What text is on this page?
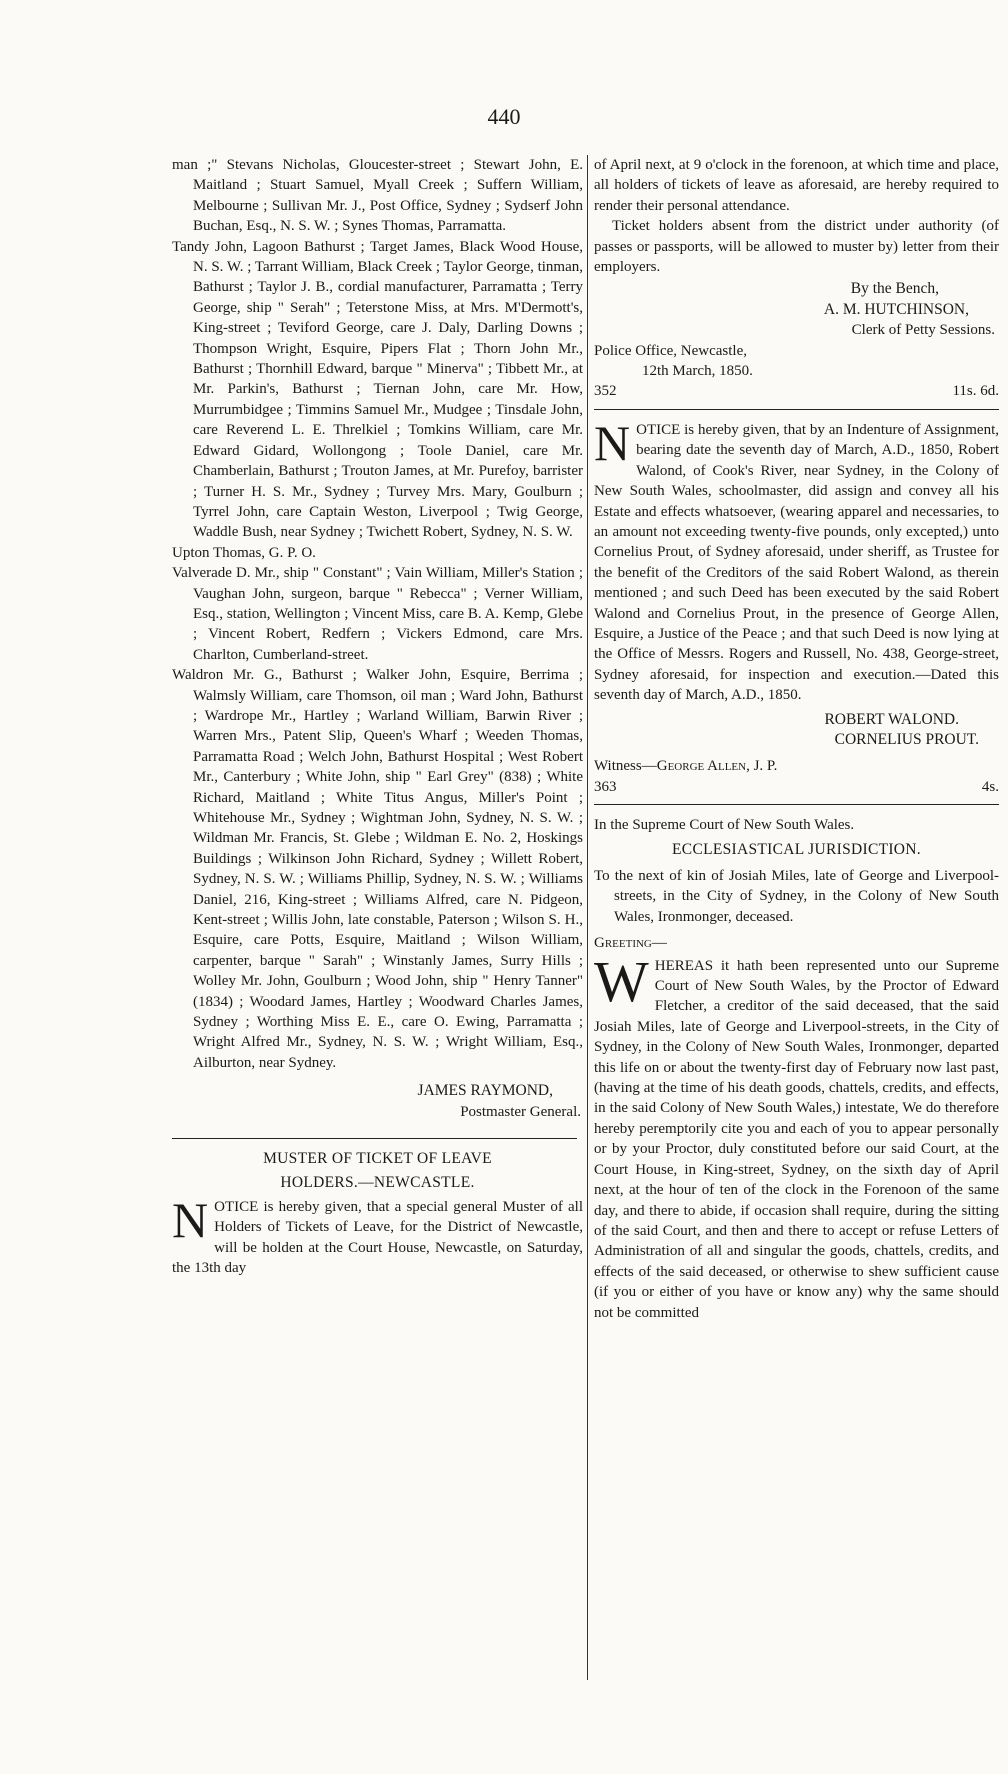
440

man ;" Stevans Nicholas, Gloucester-street ; Stewart John, E. Maitland ; Stuart Samuel, Myall Creek ; Suffern William, Melbourne ; Sullivan Mr. J., Post Office, Sydney ; Sydserf John Buchan, Esq., N. S. W. ; Synes Thomas, Parramatta.

Tandy John, Lagoon Bathurst ; Target James, Black Wood House, N. S. W. ; Tarrant William, Black Creek ; Taylor George, tinman, Bathurst ; Taylor J. B., cordial manufacturer, Parramatta ; Terry George, ship " Serah" ; Teterstone Miss, at Mrs. M'Dermott's, King-street ; Teviford George, care J. Daly, Darling Downs ; Thompson Wright, Esquire, Pipers Flat ; Thorn John Mr., Bathurst ; Thornhill Edward, barque " Minerva" ; Tibbett Mr., at Mr. Parkin's, Bathurst ; Tiernan John, care Mr. How, Murrumbidgee ; Timmins Samuel Mr., Mudgee ; Tinsdale John, care Reverend L. E. Threlkiel ; Tomkins William, care Mr. Edward Gidard, Wollongong ; Toole Daniel, care Mr. Chamberlain, Bathurst ; Trouton James, at Mr. Purefoy, barrister ; Turner H. S. Mr., Sydney ; Turvey Mrs. Mary, Goulburn ; Tyrrel John, care Captain Weston, Liverpool ; Twig George, Waddle Bush, near Sydney ; Twichett Robert, Sydney, N. S. W.

Upton Thomas, G. P. O.

Valverade D. Mr., ship " Constant" ; Vain William, Miller's Station ; Vaughan John, surgeon, barque " Rebecca" ; Verner William, Esq., station, Wellington ; Vincent Miss, care B. A. Kemp, Glebe ; Vincent Robert, Redfern ; Vickers Edmond, care Mrs. Charlton, Cumberland-street.

Waldron Mr. G., Bathurst ; Walker John, Esquire, Berrima ; Walmsly William, care Thomson, oil man ; Ward John, Bathurst ; Wardrope Mr., Hartley ; Warland William, Barwin River ; Warren Mrs., Patent Slip, Queen's Wharf ; Weeden Thomas, Parramatta Road ; Welch John, Bathurst Hospital ; West Robert Mr., Canterbury ; White John, ship " Earl Grey" (838) ; White Richard, Maitland ; White Titus Angus, Miller's Point ; Whitehouse Mr., Sydney ; Wightman John, Sydney, N. S. W. ; Wildman Mr. Francis, St. Glebe ; Wildman E. No. 2, Hoskings Buildings ; Wilkinson John Richard, Sydney ; Willett Robert, Sydney, N. S. W. ; Williams Phillip, Sydney, N. S. W. ; Williams Daniel, 216, King-street ; Williams Alfred, care N. Pidgeon, Kent-street ; Willis John, late constable, Paterson ; Wilson S. H., Esquire, care Potts, Esquire, Maitland ; Wilson William, carpenter, barque " Sarah" ; Winstanly James, Surry Hills ; Wolley Mr. John, Goulburn ; Wood John, ship " Henry Tanner" (1834) ; Woodard James, Hartley ; Woodward Charles James, Sydney ; Worthing Miss E. E., care O. Ewing, Parramatta ; Wright Alfred Mr., Sydney, N. S. W. ; Wright William, Esq., Ailburton, near Sydney.

JAMES RAYMOND,

Postmaster General.

MUSTER OF TICKET OF LEAVE

HOLDERS.—NEWCASTLE.

NOTICE is hereby given, that a special general Muster of all Holders of Tickets of Leave, for the District of Newcastle, will be holden at the Court House, Newcastle, on Saturday, the 13th day

of April next, at 9 o'clock in the forenoon, at which time and place, all holders of tickets of leave as aforesaid, are hereby required to render their personal attendance.

Ticket holders absent from the district under authority (of passes or passports, will be allowed to muster by) letter from their employers.

By the Bench,

A. M. HUTCHINSON,

Clerk of Petty Sessions.

Police Office, Newcastle,

12th March, 1850.

352	11s. 6d.

NOTICE is hereby given, that by an Indenture of Assignment, bearing date the seventh day of March, A.D., 1850, Robert Walond, of Cook's River, near Sydney, in the Colony of New South Wales, schoolmaster, did assign and convey all his Estate and effects whatsoever, (wearing apparel and necessaries, to an amount not exceeding twenty-five pounds, only excepted,) unto Cornelius Prout, of Sydney aforesaid, under sheriff, as Trustee for the benefit of the Creditors of the said Robert Walond, as therein mentioned ; and such Deed has been executed by the said Robert Walond and Cornelius Prout, in the presence of George Allen, Esquire, a Justice of the Peace ; and that such Deed is now lying at the Office of Messrs. Rogers and Russell, No. 438, George-street, Sydney aforesaid, for inspection and execution.—Dated this seventh day of March, A.D., 1850.

ROBERT WALOND.

CORNELIUS PROUT.

Witness—George Allen, J. P.

363	4s.

In the Supreme Court of New South Wales.

ECCLESIASTICAL JURISDICTION.

To the next of kin of Josiah Miles, late of George and Liverpool-streets, in the City of Sydney, in the Colony of New South Wales, Ironmonger, deceased.

Greeting—

WHEREAS it hath been represented unto our Supreme Court of New South Wales, by the Proctor of Edward Fletcher, a creditor of the said deceased, that the said Josiah Miles, late of George and Liverpool-streets, in the City of Sydney, in the Colony of New South Wales, Ironmonger, departed this life on or about the twenty-first day of February now last past, (having at the time of his death goods, chattels, credits, and effects, in the said Colony of New South Wales,) intestate, We do therefore hereby peremptorily cite you and each of you to appear personally or by your Proctor, duly constituted before our said Court, at the Court House, in King-street, Sydney, on the sixth day of April next, at the hour of ten of the clock in the Forenoon of the same day, and there to abide, if occasion shall require, during the sitting of the said Court, and then and there to accept or refuse Letters of Administration of all and singular the goods, chattels, credits, and effects of the said deceased, or otherwise to shew sufficient cause (if you or either of you have or know any) why the same should not be committed
